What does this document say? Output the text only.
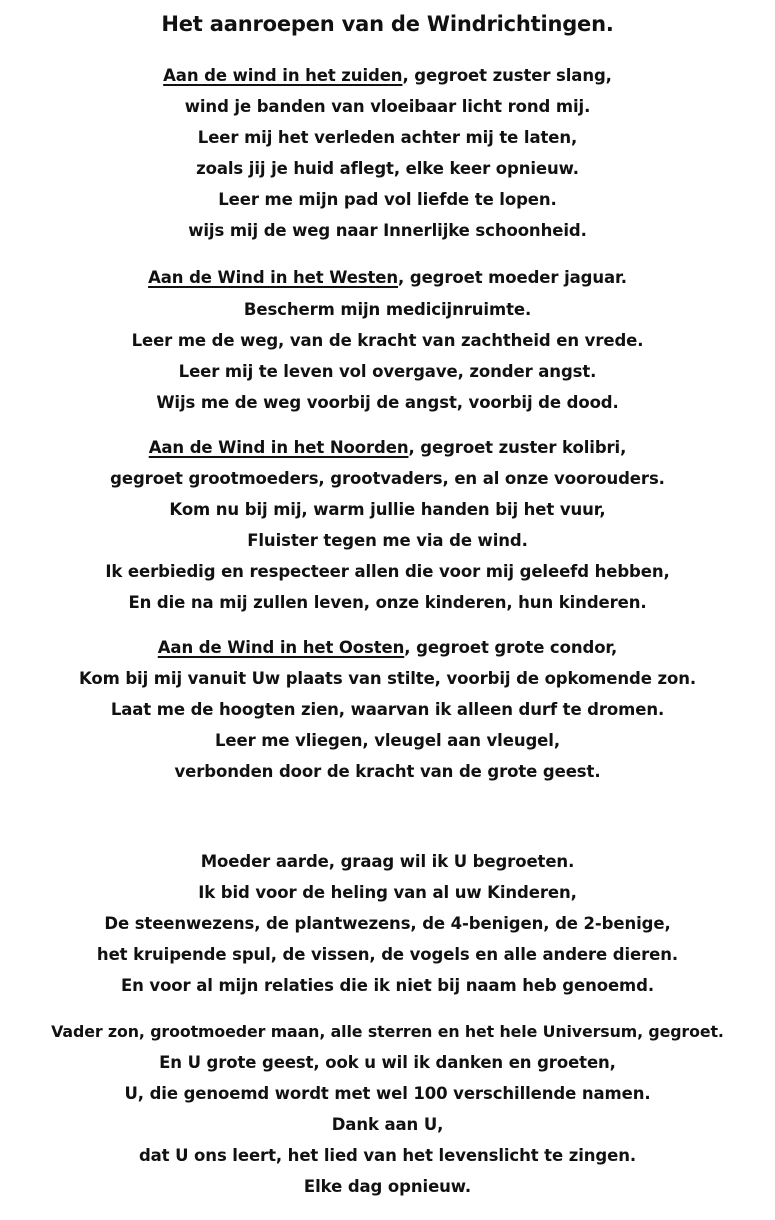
Het aanroepen van de Windrichtingen.
Aan de wind in het zuiden, gegroet zuster slang,
wind je banden van vloeibaar licht rond mij.
Leer mij het verleden achter mij te laten,
zoals jij je huid aflegt, elke keer opnieuw.
Leer me mijn pad vol liefde te lopen.
wijs mij de weg naar Innerlijke schoonheid.
Aan de Wind in het Westen, gegroet moeder jaguar.
Bescherm mijn medicijnruimte.
Leer me de weg, van de kracht van zachtheid en vrede.
Leer mij te leven vol overgave, zonder angst.
Wijs me de weg voorbij de angst, voorbij de dood.
Aan de Wind in het Noorden, gegroet zuster kolibri,
gegroet grootmoeders, grootvaders, en al onze voorouders.
Kom nu bij mij, warm jullie handen bij het vuur,
Fluister tegen me via de wind.
Ik eerbiedig en respecteer allen die voor mij geleefd hebben,
En die na mij zullen leven, onze kinderen, hun kinderen.
Aan de Wind in het Oosten, gegroet grote condor,
Kom bij mij vanuit Uw plaats van stilte, voorbij de opkomende zon.
Laat me de hoogten zien, waarvan ik alleen durf te dromen.
Leer me vliegen, vleugel aan vleugel,
verbonden door de kracht van de grote geest.
Moeder aarde, graag wil ik U begroeten.
Ik bid voor de heling van al uw Kinderen,
De steenwezens, de plantwezens, de 4-benigen, de 2-benige,
het kruipende spul, de vissen, de vogels en alle andere dieren.
En voor al mijn relaties die ik niet bij naam heb genoemd.
Vader zon, grootmoeder maan, alle sterren en het hele Universum, gegroet.
En U grote geest, ook u wil ik danken en groeten,
U, die genoemd wordt met wel 100 verschillende namen.
Dank aan U,
dat U ons leert, het lied van het levenslicht te zingen.
Elke dag opnieuw.
